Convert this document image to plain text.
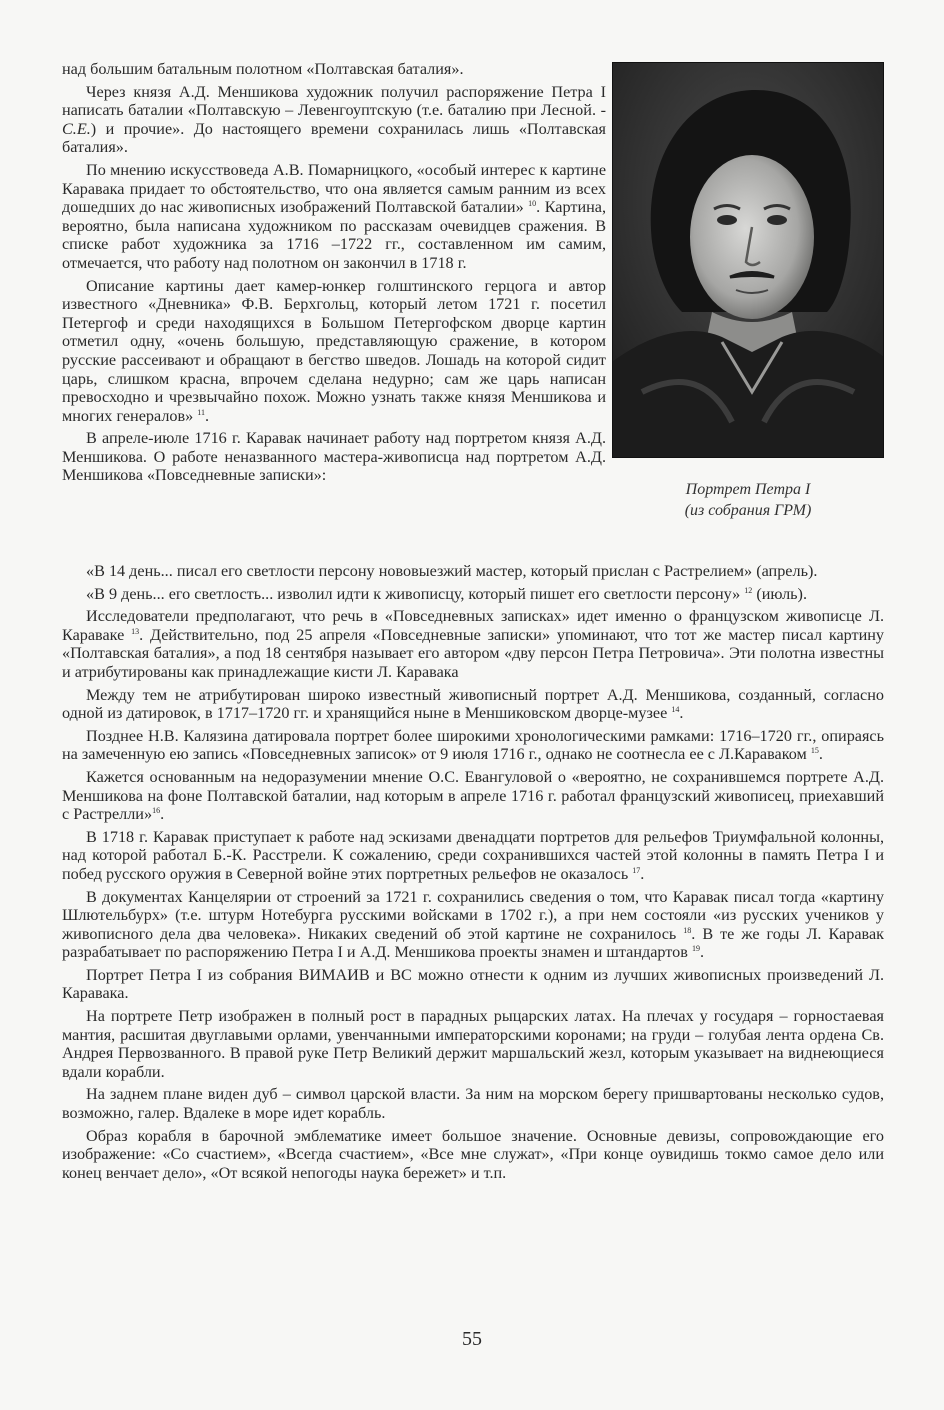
над большим батальным полотном «Полтавская баталия».

Через князя А.Д. Меншикова художник получил распоряжение Петра I написать баталии «Полтавскую – Левенгоуптскую (т.е. баталию при Лесной. - С.Е.) и прочие». До настоящего времени сохранилась лишь «Полтавская баталия».

По мнению искусствоведа А.В. Помарницкого, «особый интерес к картине Каравака придает то обстоятельство, что она является самым ранним из всех дошедших до нас живописных изображений Полтавской баталии» $^{10}$. Картина, вероятно, была написана художником по рассказам очевидцев сражения. В списке работ художника за 1716 –1722 гг., составленном им самим, отмечается, что работу над полотном он закончил в 1718 г.

Описание картины дает камер-юнкер голштинского герцога и автор известного «Дневника» Ф.В. Берхгольц, который летом 1721 г. посетил Петергоф и среди находящихся в Большом Петергофском дворце картин отметил одну, «очень большую, представляющую сражение, в котором русские рассеивают и обращают в бегство шведов. Лошадь на которой сидит царь, слишком красна, впрочем сделана недурно; сам же царь написан превосходно и чрезвычайно похож. Можно узнать также князя Меншикова и многих генералов» $^{11}$.

В апреле-июле 1716 г. Каравак начинает работу над портретом князя А.Д. Меншикова. О работе неназванного мастера-живописца над портретом А.Д. Меншикова «Повседневные записки»:

Портрет Петра I
(из собрания ГРМ)

«В 14 день... писал его светлости персону нововыезжий мастер, который прислан с Растрелием» (апрель).

«В 9 день... его светлость... изволил идти к живописцу, который пишет его светлости персону» $^{12}$ (июль).

Исследователи предполагают, что речь в «Повседневных записках» идет именно о французском живописце Л. Караваке $^{13}$. Действительно, под 25 апреля «Повседневные записки» упоминают, что тот же мастер писал картину «Полтавская баталия», а под 18 сентября называет его автором «дву персон Петра Петровича». Эти полотна известны и атрибутированы как принадлежащие кисти Л. Каравака

Между тем не атрибутирован широко известный живописный портрет А.Д. Меншикова, созданный, согласно одной из датировок, в 1717–1720 гг. и хранящийся ныне в Меншиковском дворце-музее $^{14}$.

Позднее Н.В. Калязина датировала портрет более широкими хронологическими рамками: 1716–1720 гг., опираясь на замеченную ею запись «Повседневных записок» от 9 июля 1716 г., однако не соотнесла ее с Л.Караваком $^{15}$.

Кажется основанным на недоразумении мнение О.С. Евангуловой о «вероятно, не сохранившемся портрете А.Д. Меншикова на фоне Полтавской баталии, над которым в апреле 1716 г. работал французский живописец, приехавший с Растрелли»$^{16}$.

В 1718 г. Каравак приступает к работе над эскизами двенадцати портретов для рельефов Триумфальной колонны, над которой работал Б.-К. Расстрели. К сожалению, среди сохранившихся частей этой колонны в память Петра I и побед русского оружия в Северной войне этих портретных рельефов не оказалось $^{17}$.

В документах Канцелярии от строений за 1721 г. сохранились сведения о том, что Каравак писал тогда «картину Шлютельбурх» (т.е. штурм Нотебурга русскими войсками в 1702 г.), а при нем состояли «из русских учеников у живописного дела два человека». Никаких сведений об этой картине не сохранилось $^{18}$. В те же годы Л. Каравак разрабатывает по распоряжению Петра I и А.Д. Меншикова проекты знамен и штандартов $^{19}$.

Портрет Петра I из собрания ВИМАИВ и ВС можно отнести к одним из лучших живописных произведений Л. Каравака.

На портрете Петр изображен в полный рост в парадных рыцарских латах. На плечах у государя – горностаевая мантия, расшитая двуглавыми орлами, увенчанными императорскими коронами; на груди – голубая лента ордена Св. Андрея Первозванного. В правой руке Петр Великий держит маршальский жезл, которым указывает на виднеющиеся вдали корабли.

На заднем плане виден дуб – символ царской власти. За ним на морском берегу пришвартованы несколько судов, возможно, галер. Вдалеке в море идет корабль.

Образ корабля в барочной эмблематике имеет большое значение. Основные девизы, сопровождающие его изображение: «Со счастием», «Всегда счастием», «Все мне служат», «При конце оувидишь токмо самое дело или конец венчает дело», «От всякой непогоды наука бережет» и т.п.

55
